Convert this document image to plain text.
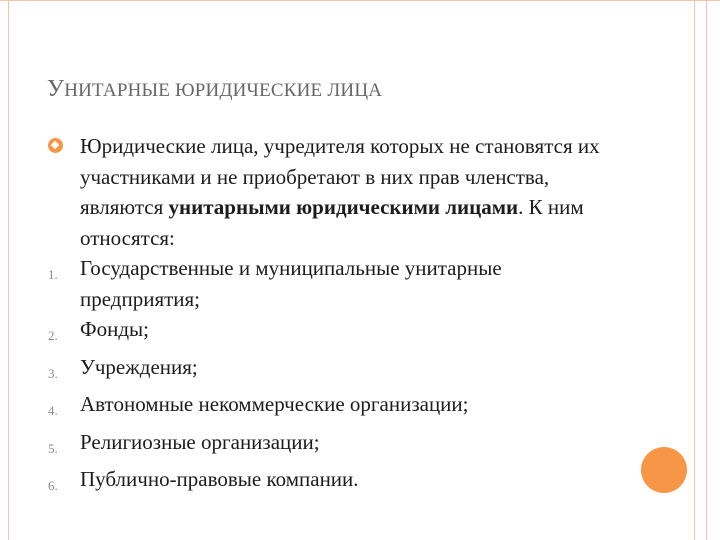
УНИТАРНЫЕ ЮРИДИЧЕСКИЕ ЛИЦА
Юридические лица, учредителя которых не становятся их участниками и не приобретают в них прав членства, являются унитарными юридическими лицами. К ним относятся:
1.	Государственные и муниципальные унитарные предприятия;
2.	Фонды;
3.	Учреждения;
4.	Автономные некоммерческие организации;
5.	Религиозные организации;
6.	Публично-правовые компании.
